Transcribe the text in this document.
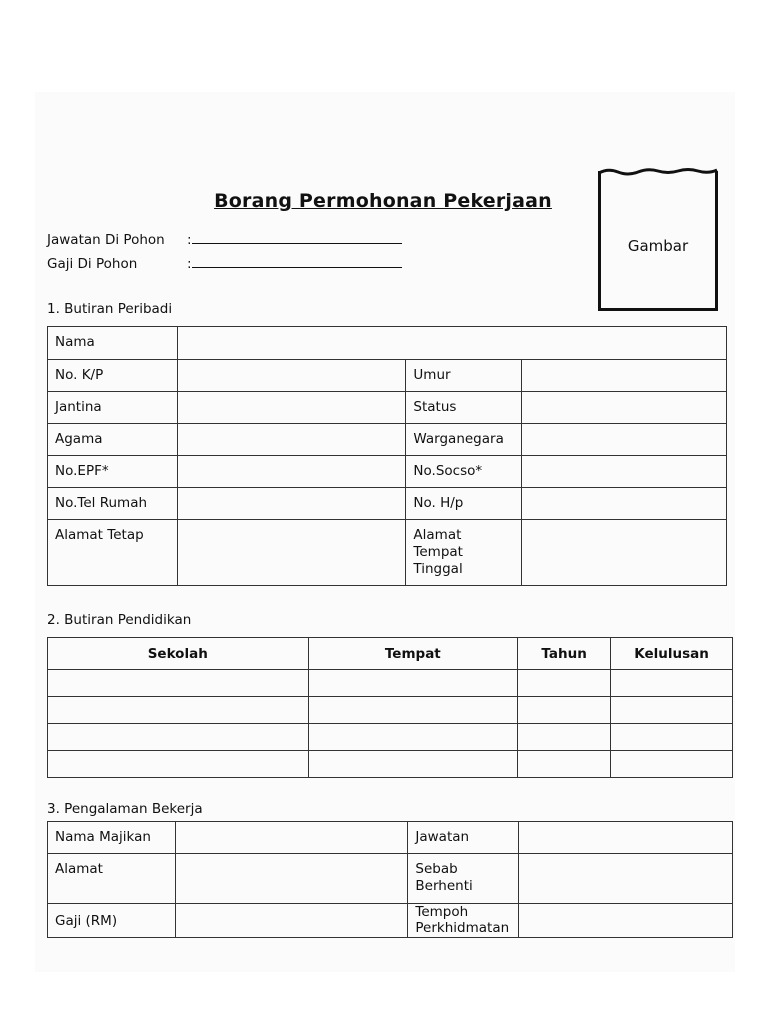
Borang Permohonan Pekerjaan
Gambar
Jawatan Di Pohon :
Gaji Di Pohon	:
1. Butiran Peribadi
Nama			
No. K/P		Umur	
Jantina		Status	
Agama		Warganegara	
No.EPF*		No.Socso*	
No.Tel Rumah		No. H/p	
Alamat Tetap		Alamat
Tempat
Tinggal	
2. Butiran Pendidikan
Sekolah	Tempat	Tahun	Kelulusan

3. Pengalaman Bekerja
Nama Majikan		Jawatan	
Alamat		Sebab
Berhenti	
Gaji (RM)		Tempoh
Perkhidmatan	
